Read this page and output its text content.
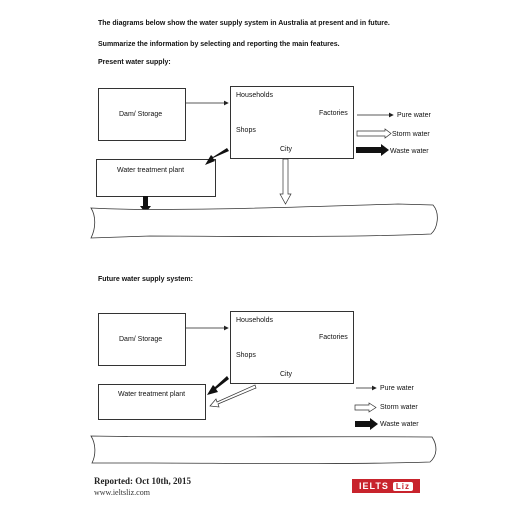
The diagrams below show the water supply system in Australia at present and in future.
Summarize the information by selecting and reporting the main features.
Present water supply:
Dam/ Storage
Households
Factories
Shops
City
Water treatment plant
Pure water
Storm water
Waste water
Future water supply system:
Dam/ Storage
Households
Factories
Shops
City
Water treatment plant
Pure water
Storm water
Waste water
Reported: Oct 10th, 2015
www.ieltsliz.com
IELTS Liz
